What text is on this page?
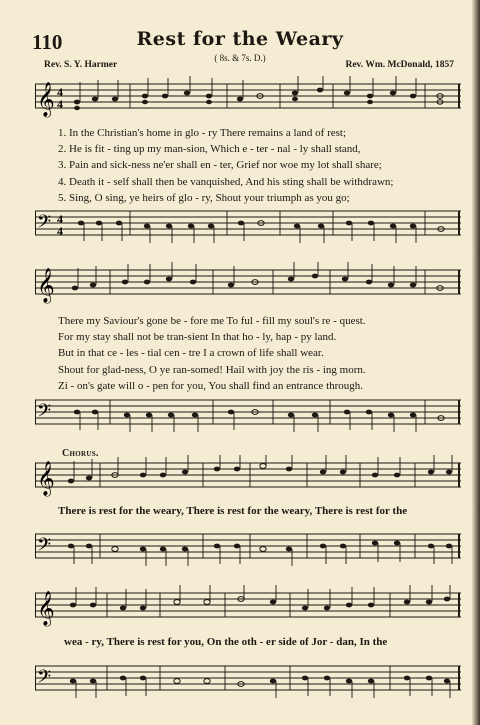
110	Rest for the Weary
( 8s. & 7s. D.)
Rev. S. Y. Harmer	Rev. Wm. McDonald, 1857
𝄞 4
4
1. In the Christian's home in glo - ry There remains a land of rest;
2. He is fit - ting up my man-sion, Which e - ter - nal - ly shall stand,
3. Pain and sick-ness ne'er shall en - ter, Grief nor woe my lot shall share;
4. Death it - self shall then be vanquished, And his sting shall be withdrawn;
5. Sing, O sing, ye heirs of glo - ry, Shout your triumph as you go;
𝄢 4
4
𝄞
There my Saviour's gone be - fore me To ful - fill my soul's re - quest.
For my stay shall not be tran-sient In that ho - ly, hap - py land.
But in that ce - les - tial cen - tre I a crown of life shall wear.
Shout for glad-ness, O ye ran-somed! Hail with joy the ris - ing morn.
Zi - on's gate will o - pen for you, You shall find an entrance through.
𝄢
Chorus.
𝄞
There is rest for the weary, There is rest for the weary, There is rest for the
𝄢
𝄞
wea - ry, There is rest for you, On the oth - er side of Jor - dan, In the
𝄢
